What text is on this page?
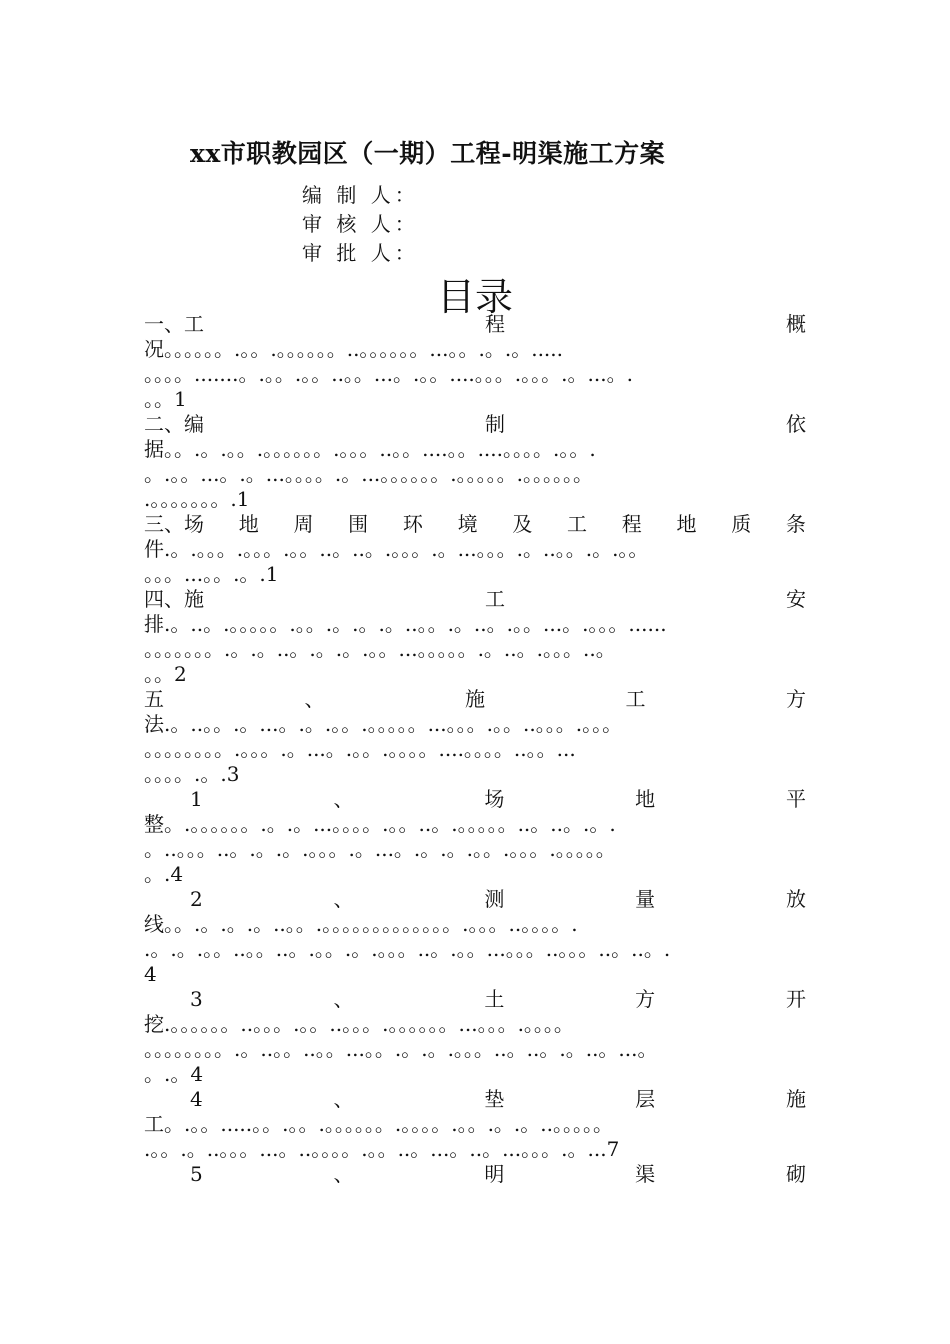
xx市职教园区（一期）工程-明渠施工方案
编 制 人：
审 核 人：
审 批 人：
目录
一、工	程	概
况。。。。。。.。。.。。。。。。..。。。。。。...。。.。.。.....
。。。。.......。.。。.。。..。。...。.。。....。。。.。。。.。...。.
。。1
二、编	制	依
据。。.。.。。.。。。。。。.。。。..。。....。。....。。。。.。。.
。.。。...。.。...。。。。.。...。。。。。。.。。。。。.。。。。。。
.。。。。。。。.1
三、场 地 周 围 环 境 及 工 程 地 质 条
件.。.。。。.。。。.。。..。..。.。。。.。...。。。.。..。。.。.。。
。。。...。。.。.1
四、施	工	安
排.。..。.。。。。。.。。.。.。.。..。。.。..。.。。...。.。。。......
。。。。。。。.。.。..。.。.。.。。...。。。。。.。..。.。。。..。
。。2
五	、	施	工	方
法.。..。。.。...。.。.。。.。。。。。...。。。.。。..。。。.。。。
。。。。。。。。.。。。.。...。.。。.。。。。....。。。。..。。...
。。。。.。.3
1	、	场	地	平
整。.。。。。。。.。.。...。。。。.。。..。.。。。。。..。..。.。.
。..。。。..。.。.。.。。。.。...。.。.。.。。.。。。.。。。。。
。.4
2	、	测	量	放
线。。.。.。.。..。。.。。。。。。。。。。。。。.。。。..。。。。.
.。.。.。。..。。..。.。。.。.。。。..。.。。...。。。..。。。..。..。.
4
3	、	土	方	开
挖.。。。。。。..。。。.。。..。。。.。。。。。。...。。。.。。。。
。。。。。。。。.。..。。..。。...。。.。.。.。。。..。..。.。..。...。
。.。4
4	、	垫	层	施
工。.。。.....。。.。。.。。。。。。.。。。。.。。.。.。..。。。。。
.。。.。..。。。...。..。。。。.。。..。...。..。...。。。.。...7
5	、	明	渠	砌
